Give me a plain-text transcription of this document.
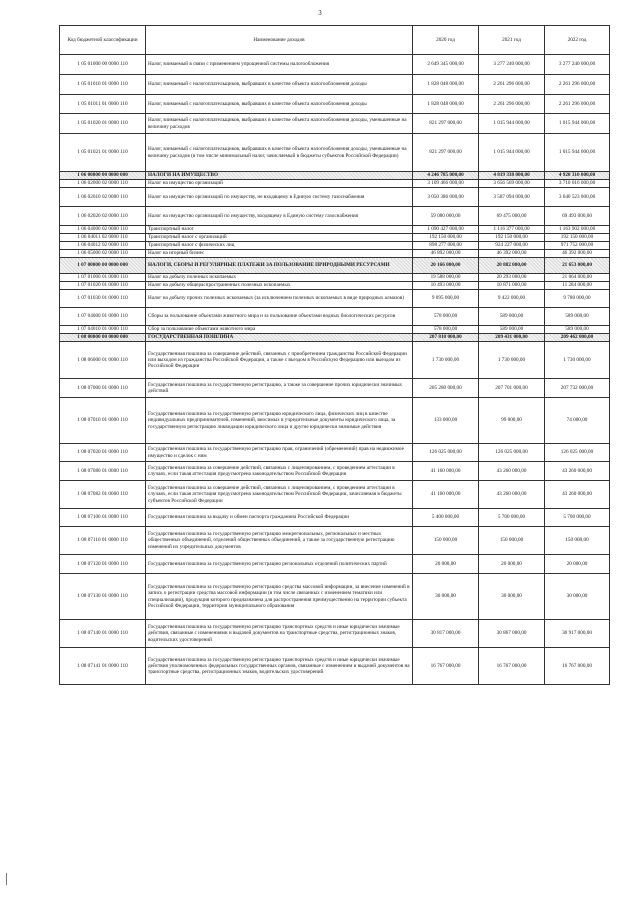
3
Код бюджетной классификации	Наименование доходов	2020 год	2021 год	2022 год
1 05 01000 00 0000 110	Налог, взимаемый в связи с применением упрощенной системы налогообложения	2 649 345 000,00	3 277 240 000,00	3 277 240 000,00
1 05 01010 01 0000 110	Налог, взимаемый с налогоплательщиков, выбравших в качестве объекта налогообложения доходы	1 828 048 000,00	2 261 296 000,00	2 261 296 000,00
1 05 01011 01 0000 110	Налог, взимаемый с налогоплательщиков, выбравших в качестве объекта налогообложения доходы	1 828 048 000,00	2 261 296 000,00	2 261 296 000,00
1 05 01020 01 0000 110	Налог, взимаемый с налогоплательщиков, выбравших в качестве объекта налогообложения доходы, уменьшенные на величину расходов	821 297 000,00	1 015 944 000,00	1 015 944 000,00
1 05 01021 01 0000 110	Налог, взимаемый с налогоплательщиков, выбравших в качестве объекта налогообложения доходы, уменьшенные на величину расходов (в том числе минимальный налог, зачисляемый в бюджеты субъектов Российской Федерации)	821 297 000,00	1 015 944 000,00	1 015 944 000,00
1 06 00000 00 0000 000	НАЛОГИ НА ИМУЩЕСТВО	4 246 785 000,00	4 819 338 000,00	4 920 310 000,00
1 06 02000 02 0000 110	Налог на имущество организаций	3 109 466 000,00	3 656 569 000,00	3 710 016 000,00
1 06 02010 02 0000 110	Налог на имущество организаций по имуществу, не входящему в Единую систему газоснабжения	3 050 386 000,00	3 587 094 000,00	3 640 523 000,00
1 06 02020 02 0000 110	Налог на имущество организаций по имуществу, входящему в Единую систему газоснабжения	59 080 000,00	69 475 000,00	69 493 000,00
1 06 04000 02 0000 110	Транспортный налог	1 090 427 000,00	1 116 377 000,00	1 163 902 000,00
1 06 04011 02 0000 110	Транспортный налог с организаций	192 150 000,00	192 150 000,00	192 150 000,00
1 06 04012 02 0000 110	Транспортный налог с физических лиц	898 277 000,00	924 227 000,00	971 752 000,00
1 06 05000 02 0000 110	Налог на игорный бизнес	46 892 000,00	46 392 000,00	46 392 000,00
1 07 00000 00 0000 000	НАЛОГИ, СБОРЫ И РЕГУЛЯРНЫЕ ПЛАТЕЖИ ЗА ПОЛЬЗОВАНИЕ ПРИРОДНЫМИ РЕСУРСАМИ	20 166 000,00	20 882 000,00	21 653 000,00
1 07 01000 01 0000 110	Налог на добычу полезных ископаемых	19 588 000,00	20 293 000,00	21 064 000,00
1 07 01020 01 0000 110	Налог на добычу общераспространенных полезных ископаемых	10 493 000,00	10 871 000,00	11 284 000,00
1 07 01030 01 0000 110	Налог на добычу прочих полезных ископаемых (за исключением полезных ископаемых в виде природных алмазов)	9 095 000,00	9 422 000,00	9 780 000,00
1 07 04000 01 0000 110	Сборы за пользование объектами животного мира и за пользование объектами водных биологических ресурсов	578 000,00	589 000,00	589 000,00
1 07 04010 01 0000 110	Сбор за пользование объектами животного мира	578 000,00	589 000,00	589 000,00
1 08 00000 00 0000 000	ГОСУДАРСТВЕННАЯ ПОШЛИНА	207 810 000,00	209 431 000,00	209 462 000,00
1 08 06000 01 0000 110	Государственная пошлина за совершение действий, связанных с приобретением гражданства Российской Федерации или выходом из гражданства Российской Федерации, а также с въездом в Российскую Федерацию или выездом из Российской Федерации	1 730 000,00	1 730 000,00	1 730 000,00
1 08 07000 01 0000 110	Государственная пошлина за государственную регистрацию, а также за совершение прочих юридически значимых действий	205 280 000,00	207 701 000,00	207 732 000,00
1 08 07010 01 0000 110	Государственная пошлина за государственную регистрацию юридического лица, физических лиц в качестве индивидуальных предпринимателей, изменений, вносимых в учредительные документы юридического лица, за государственную регистрацию ликвидации юридического лица и другие юридически значимые действия	133 000,00	99 000,00	74 000,00
1 08 07020 01 0000 110	Государственная пошлина за государственную регистрацию прав, ограничений (обременений) прав на недвижимое имущество и сделок с ним	126 025 000,00	126 025 000,00	126 025 000,00
1 08 07080 01 0000 110	Государственная пошлина за совершение действий, связанных с лицензированием, с проведением аттестации в случаях, если такая аттестация предусмотрена законодательством Российской Федерации	41 160 000,00	43 260 000,00	43 260 000,00
1 08 07082 01 0000 110	Государственная пошлина за совершение действий, связанных с лицензированием, с проведением аттестации в случаях, если такая аттестация предусмотрена законодательством Российской Федерации, зачисляемая в бюджеты субъектов Российской Федерации	41 160 000,00	43 260 000,00	43 260 000,00
1 08 07100 01 0000 110	Государственная пошлина за выдачу и обмен паспорта гражданина Российской Федерации	5 400 000,00	5 700 000,00	5 700 000,00
1 08 07110 01 0000 110	Государственная пошлина за государственную регистрацию межрегиональных, региональных и местных общественных объединений, отделений общественных объединений, а также за государственную регистрацию изменений их учредительных документов	150 000,00	150 000,00	150 000,00
1 08 07120 01 0000 110	Государственная пошлина за государственную регистрацию региональных отделений политических партий	20 000,00	20 000,00	20 000,00
1 08 07130 01 0000 110	Государственная пошлина за государственную регистрацию средства массовой информации, за внесение изменений в запись о регистрации средства массовой информации (в том числе связанных с изменением тематики или специализации), продукция которого предназначена для распространения преимущественно на территории субъекта Российской Федерации, территории муниципального образования	30 000,00	30 000,00	30 000,00
1 08 07140 01 0000 110	Государственная пошлина за государственную регистрацию транспортных средств и иные юридически значимые действия, связанные с изменениями и выдачей документов на транспортные средства, регистрационных знаков, водительских удостоверений	30 817 000,00	30 867 000,00	30 917 000,00
1 08 07141 01 0000 110	Государственная пошлина за государственную регистрацию транспортных средств и иные юридически значимые действия уполномоченных федеральных государственных органов, связанные с изменением и выдачей документов на транспортные средства, регистрационных знаков, водительских удостоверений	16 767 000,00	16 767 000,00	16 767 000,00
